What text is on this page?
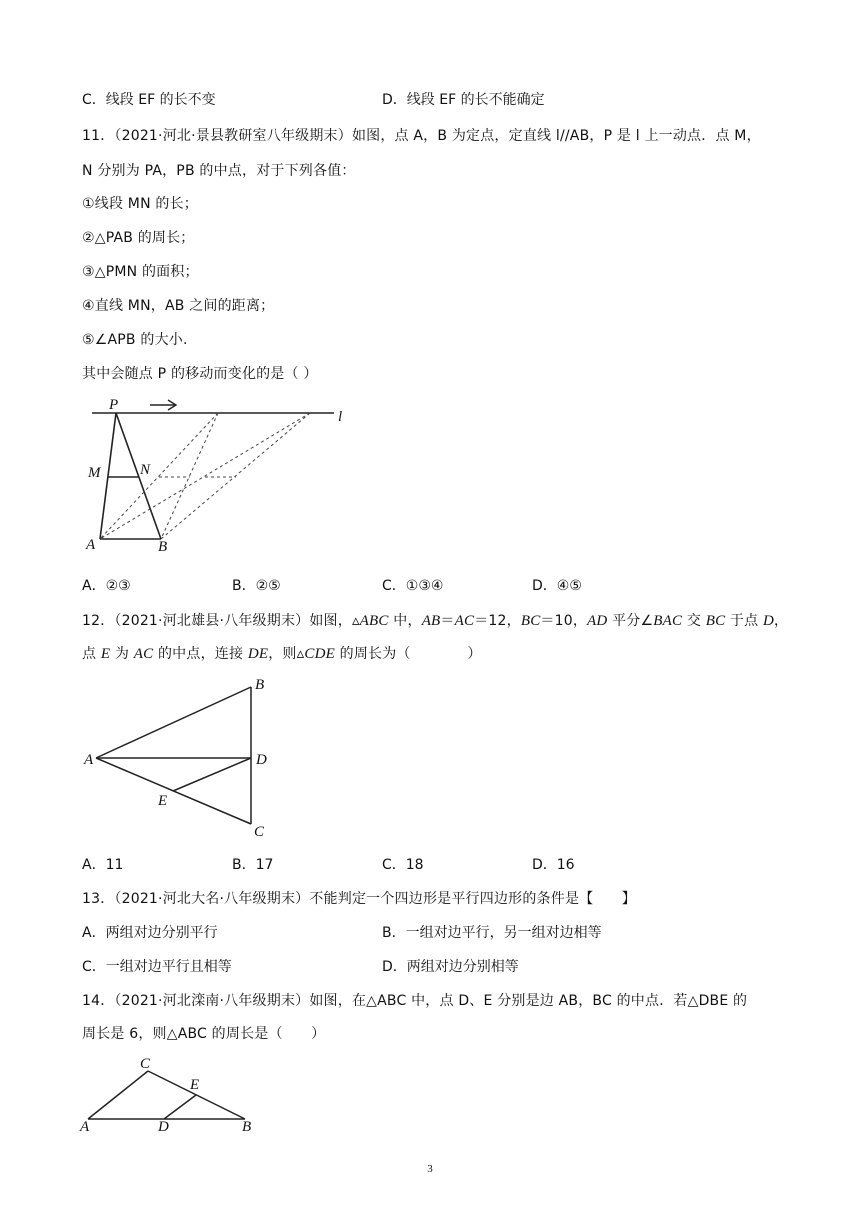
C．线段 EF 的长不变	D．线段 EF 的长不能确定
11．（2021·河北·景县教研室八年级期末）如图，点 A，B 为定点，定直线 l//AB，P 是 l 上一动点．点 M，
N 分别为 PA，PB 的中点，对于下列各值：
①线段 MN 的长；
②△PAB 的周长；
③△PMN 的面积；
④直线 MN，AB 之间的距离；
⑤∠APB 的大小.
其中会随点 P 的移动而变化的是（ ）
P
l
M	N
A	B
A．②③	B．②⑤	C．①③④	D．④⑤
12．（2021·河北雄县·八年级期末）如图，▵ABC 中，AB＝AC＝12，BC＝10，AD 平分∠BAC 交 BC 于点 D，
点 E 为 AC 的中点，连接 DE，则▵CDE 的周长为（　　　　）
B
A	D
E
C
A．11	B．17	C．18	D．16
13．（2021·河北大名·八年级期末）不能判定一个四边形是平行四边形的条件是【　　】
A．两组对边分别平行	B．一组对边平行，另一组对边相等
C．一组对边平行且相等	D．两组对边分别相等
14．（2021·河北滦南·八年级期末）如图，在△ABC 中，点 D、E 分别是边 AB，BC 的中点．若△DBE 的
周长是 6，则△ABC 的周长是（　　）
C
E
A	D	B
3
